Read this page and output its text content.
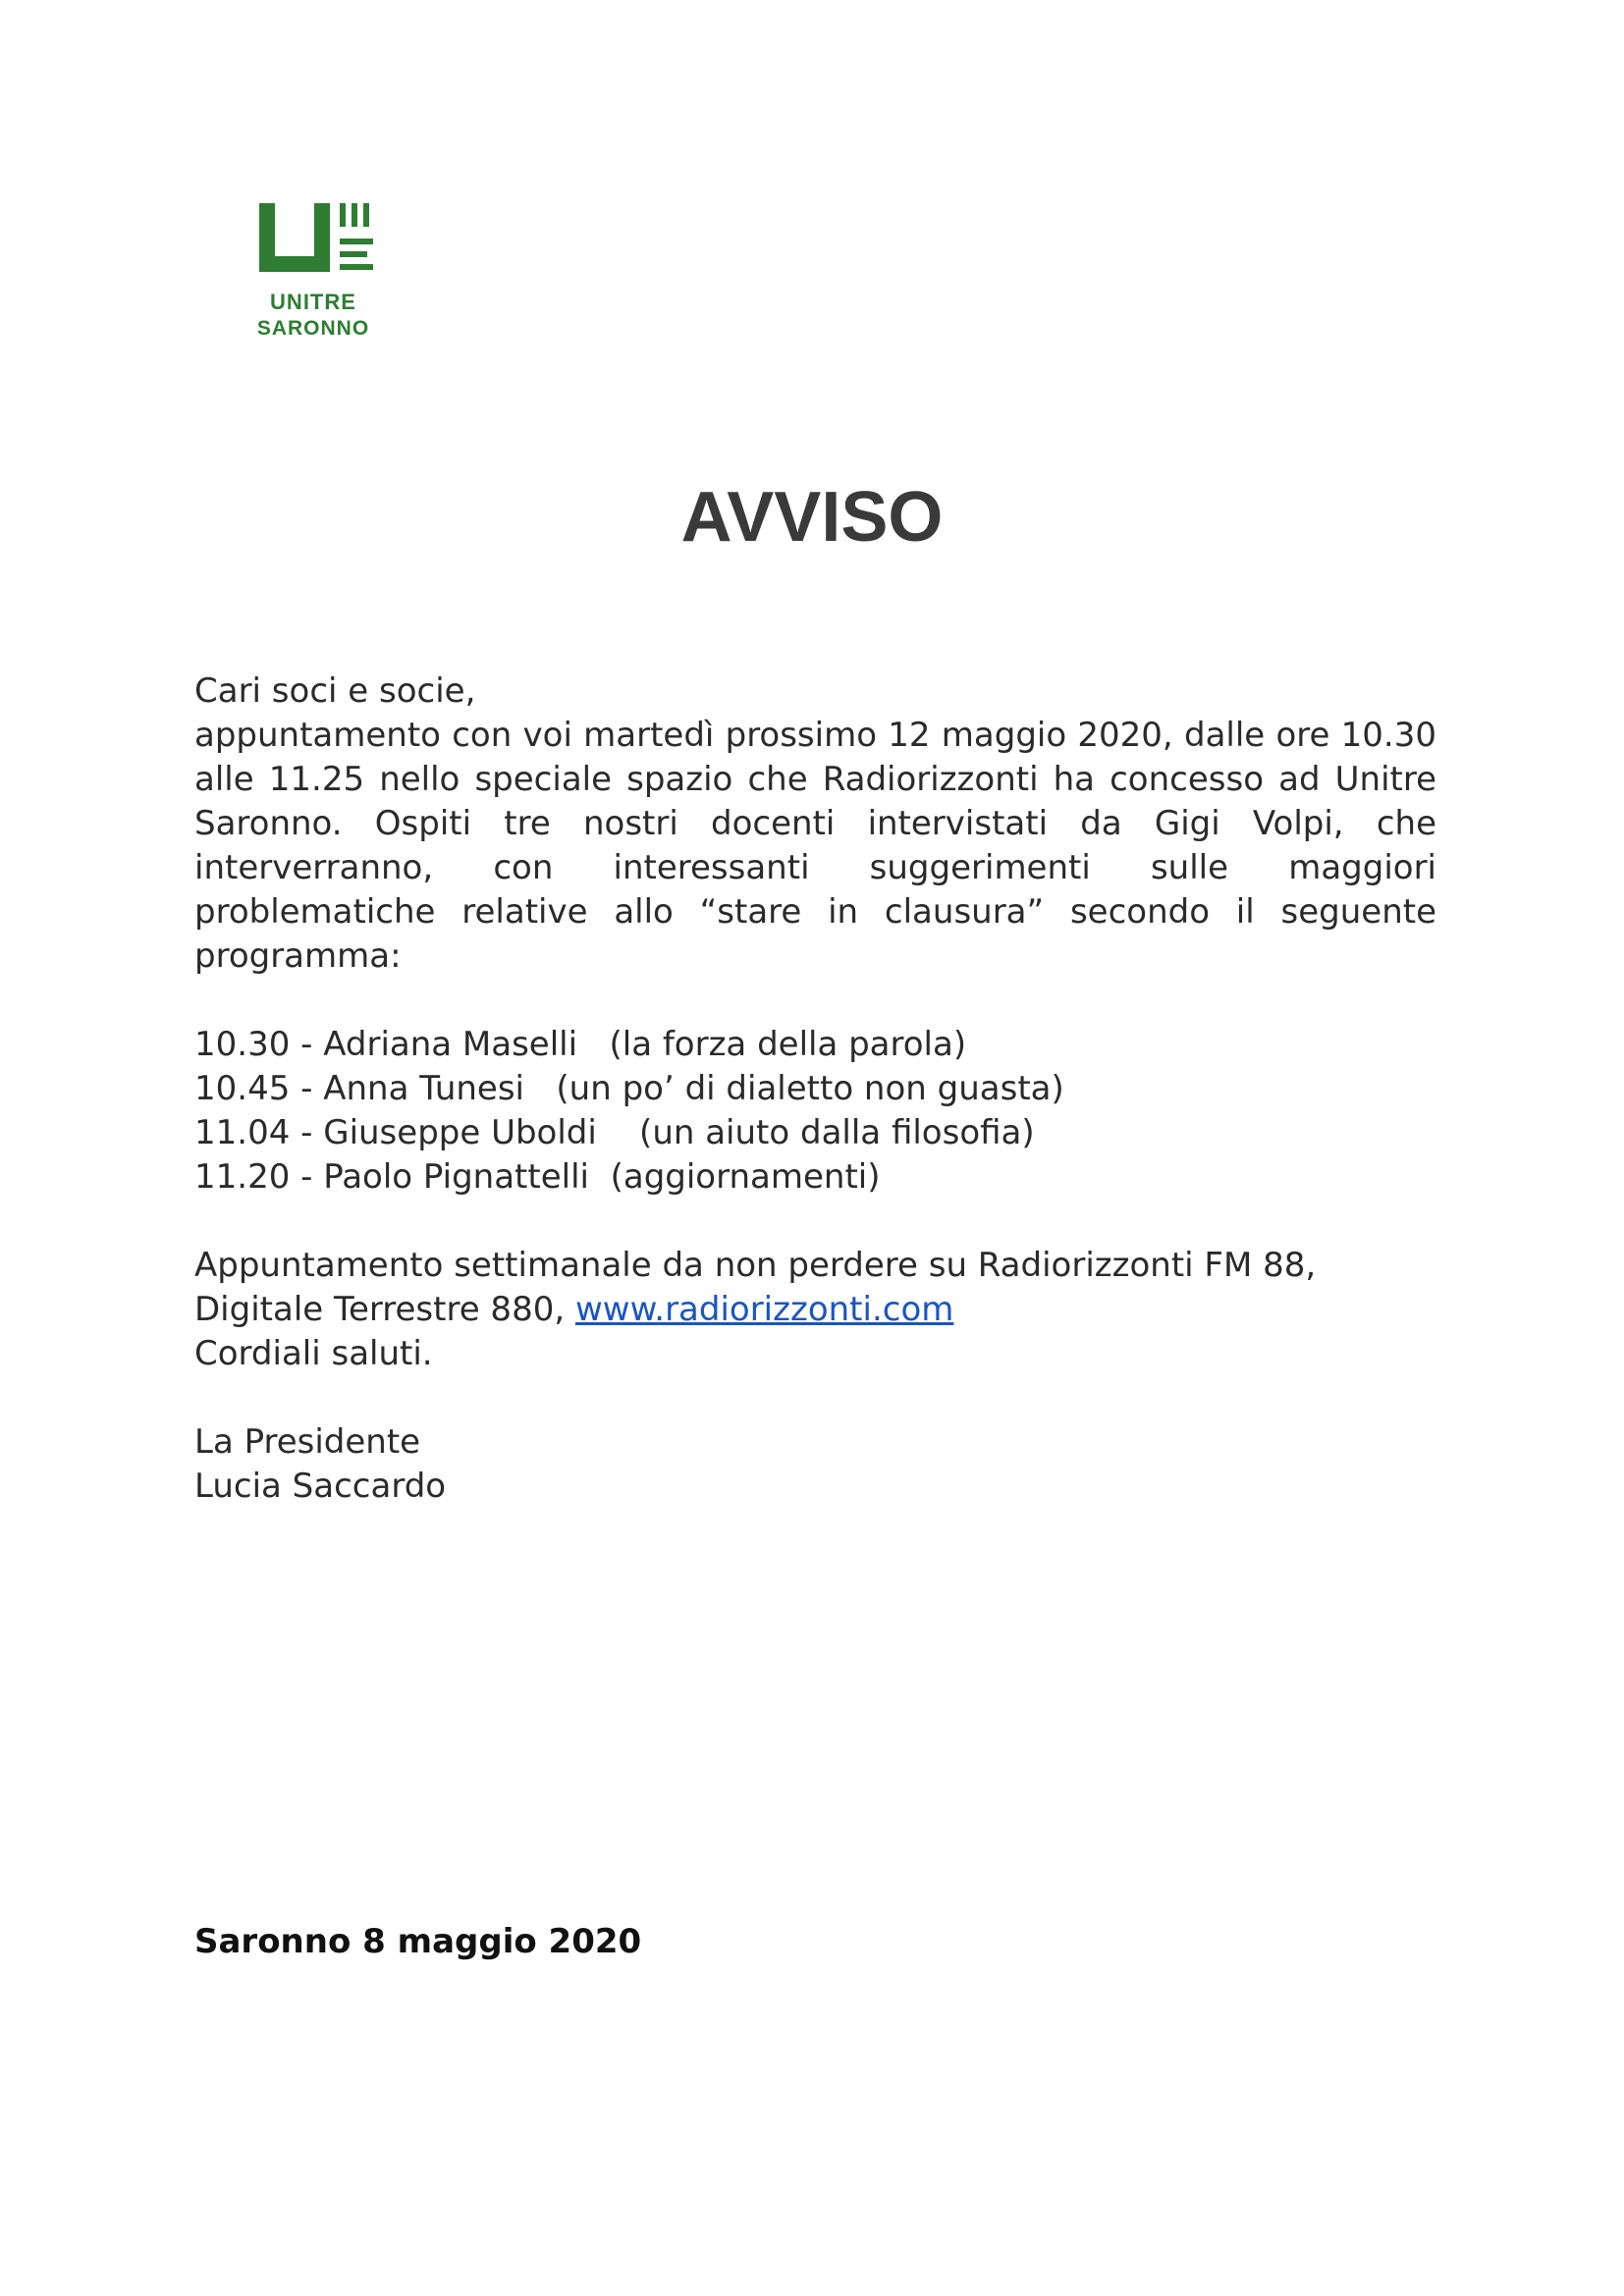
UNITRE
SARONNO
AVVISO

Cari soci e socie,

appuntamento con voi martedì prossimo 12 maggio 2020, dalle ore 10.30 alle 11.25 nello speciale spazio che Radiorizzonti ha concesso ad Unitre Saronno. Ospiti tre nostri docenti intervistati da Gigi Volpi, che interverranno, con interessanti suggerimenti sulle maggiori problematiche relative allo “stare in clausura” secondo il seguente programma:

10.30 - Adriana Maselli   (la forza della parola)

10.45 - Anna Tunesi   (un po’ di dialetto non guasta)

11.04 - Giuseppe Uboldi    (un aiuto dalla filosofia)

11.20 - Paolo Pignattelli  (aggiornamenti)

Appuntamento settimanale da non perdere su Radiorizzonti FM 88,

Digitale Terrestre 880, www.radiorizzonti.com

Cordiali saluti.

La Presidente

Lucia Saccardo

Saronno 8 maggio 2020
